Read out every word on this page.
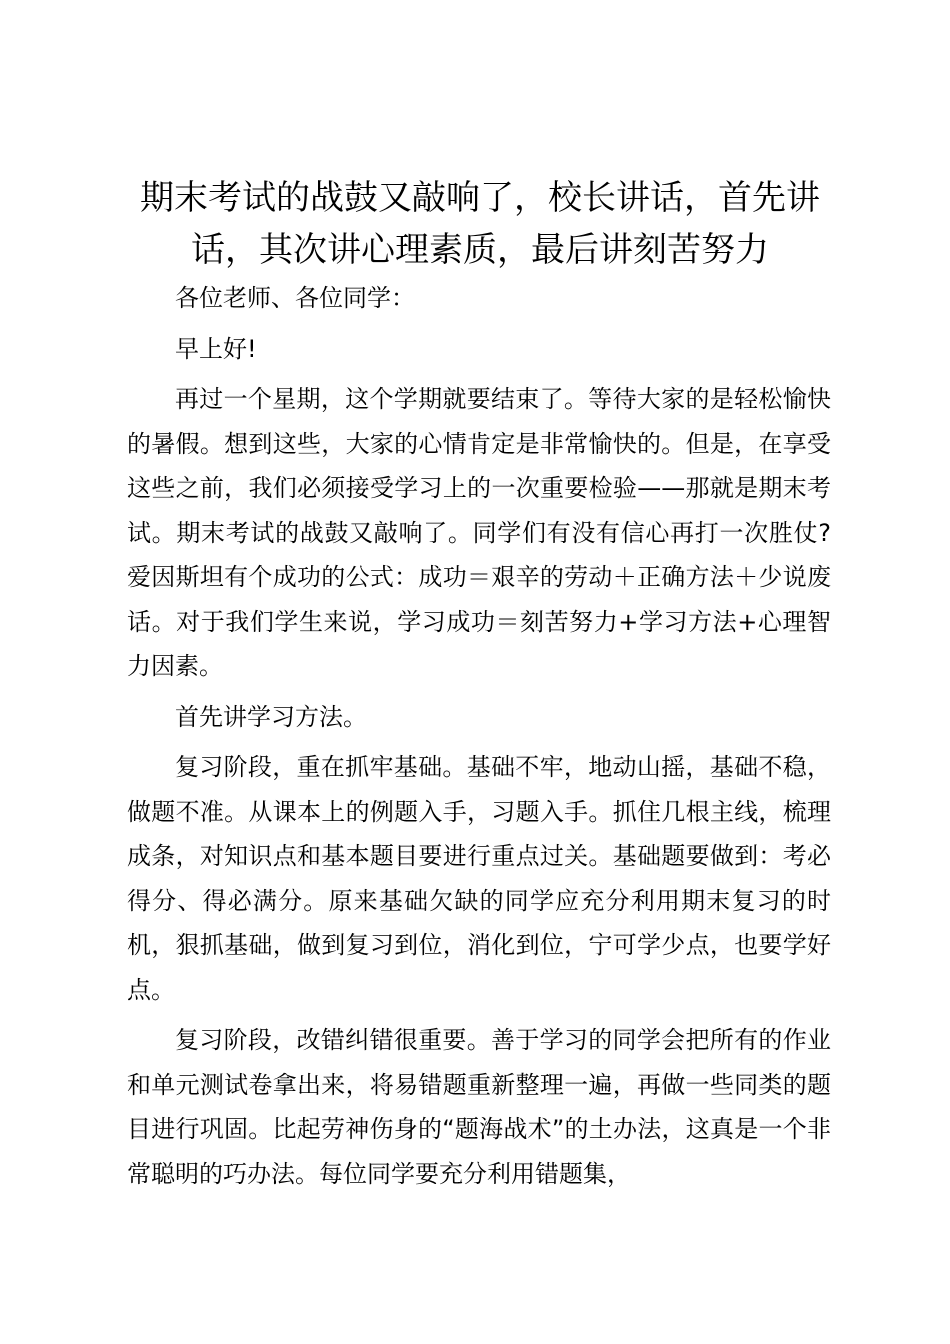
期末考试的战鼓又敲响了，校长讲话，首先讲话，其次讲心理素质，最后讲刻苦努力

各位老师、各位同学：

早上好!

再过一个星期，这个学期就要结束了。等待大家的是轻松愉快的暑假。想到这些，大家的心情肯定是非常愉快的。但是，在享受这些之前，我们必须接受学习上的一次重要检验——那就是期末考试。期末考试的战鼓又敲响了。同学们有没有信心再打一次胜仗?爱因斯坦有个成功的公式：成功＝艰辛的劳动＋正确方法＋少说废话。对于我们学生来说，学习成功＝刻苦努力+学习方法+心理智力因素。

首先讲学习方法。

复习阶段，重在抓牢基础。基础不牢，地动山摇，基础不稳，做题不准。从课本上的例题入手，习题入手。抓住几根主线，梳理成条，对知识点和基本题目要进行重点过关。基础题要做到：考必得分、得必满分。原来基础欠缺的同学应充分利用期末复习的时机，狠抓基础，做到复习到位，消化到位，宁可学少点，也要学好点。

复习阶段，改错纠错很重要。善于学习的同学会把所有的作业和单元测试卷拿出来，将易错题重新整理一遍，再做一些同类的题目进行巩固。比起劳神伤身的“题海战术”的土办法，这真是一个非常聪明的巧办法。每位同学要充分利用错题集，
